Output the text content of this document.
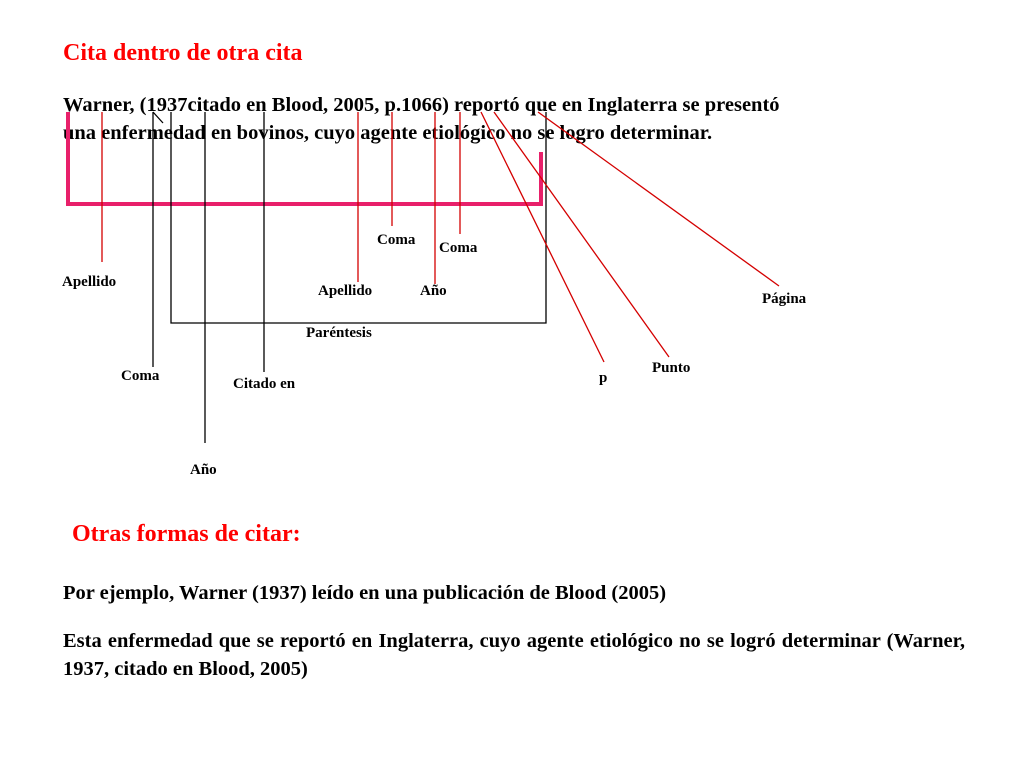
Cita dentro de otra cita
Warner, (1937citado en Blood, 2005, p.1066) reportó que en Inglaterra se presentó
una enfermedad en bovinos, cuyo agente etiológico no se logro determinar.
Apellido
Coma
Año
Citado en
Paréntesis
Apellido
Coma Coma
Año
p
Punto
Página
Otras formas de citar:
Por ejemplo, Warner (1937) leído en una publicación de Blood (2005)
Esta enfermedad que se reportó en Inglaterra, cuyo agente etiológico no se logró determinar (Warner, 1937, citado en Blood, 2005)
